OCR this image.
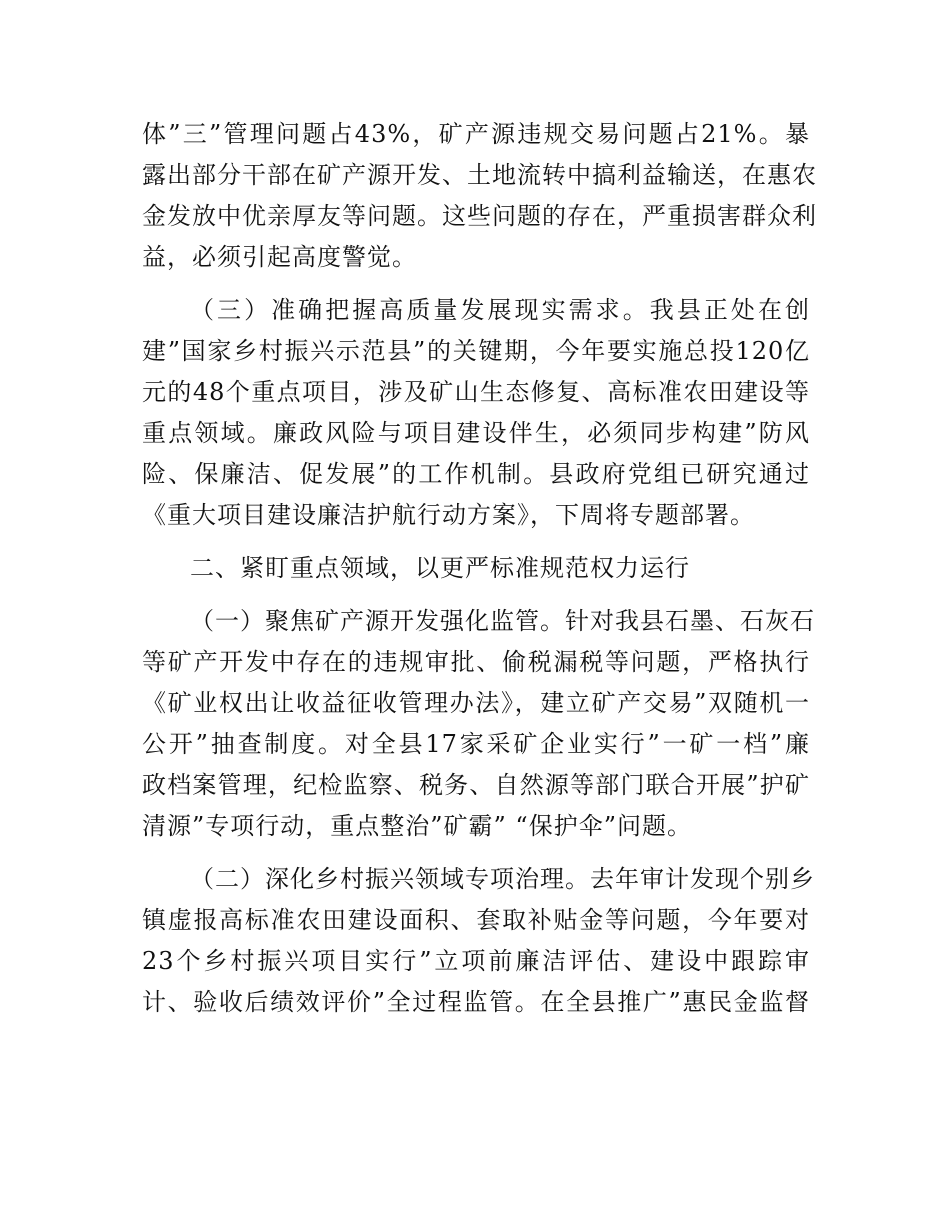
体”三”管理问题占43%，矿产源违规交易问题占21%。暴
露出部分干部在矿产源开发、土地流转中搞利益输送，在惠农
金发放中优亲厚友等问题。这些问题的存在，严重损害群众利
益，必须引起高度警觉。
（三）准确把握高质量发展现实需求。我县正处在创
建”国家乡村振兴示范县”的关键期，今年要实施总投120亿
元的48个重点项目，涉及矿山生态修复、高标准农田建设等
重点领域。廉政风险与项目建设伴生，必须同步构建”防风
险、保廉洁、促发展”的工作机制。县政府党组已研究通过
《重大项目建设廉洁护航行动方案》，下周将专题部署。
二、紧盯重点领域，以更严标准规范权力运行
（一）聚焦矿产源开发强化监管。针对我县石墨、石灰石
等矿产开发中存在的违规审批、偷税漏税等问题，严格执行
《矿业权出让收益征收管理办法》，建立矿产交易”双随机一
公开”抽查制度。对全县17家采矿企业实行”一矿一档”廉
政档案管理，纪检监察、税务、自然源等部门联合开展”护矿
清源”专项行动，重点整治”矿霸” “保护伞”问题。
（二）深化乡村振兴领域专项治理。去年审计发现个别乡
镇虚报高标准农田建设面积、套取补贴金等问题，今年要对
23个乡村振兴项目实行”立项前廉洁评估、建设中跟踪审
计、验收后绩效评价”全过程监管。在全县推广”惠民金监督
